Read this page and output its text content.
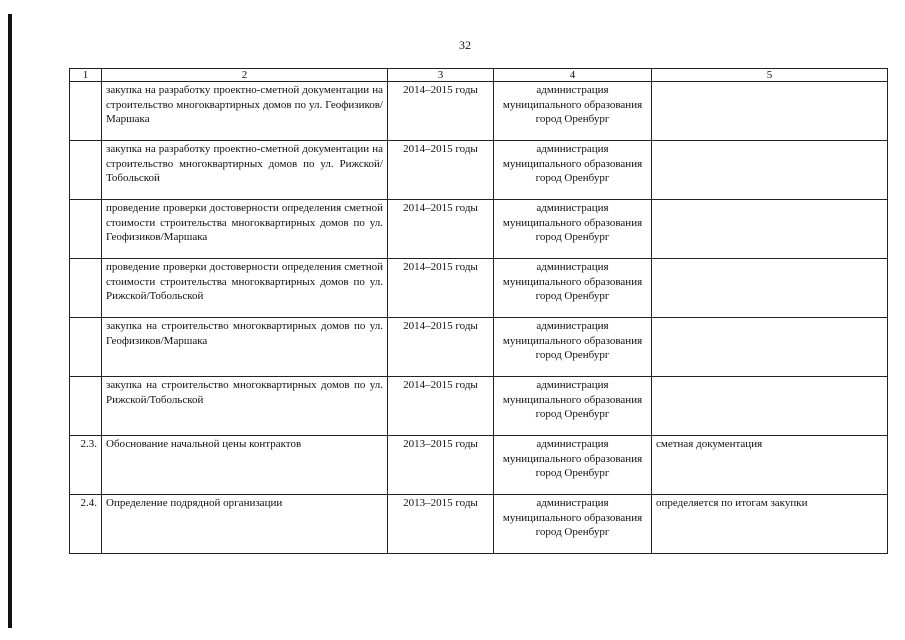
32
1	2	3	4	5
	закупка на разработку проектно-сметной документации на строительство многоквартирных домов по ул. Геофизиков/Маршака	2014–2015 годы	администрация муниципального образования город Оренбург	
	закупка на разработку проектно-сметной документации на строительство многоквартирных домов по ул. Рижской/Тобольской	2014–2015 годы	администрация муниципального образования город Оренбург	
	проведение проверки достоверности определения сметной стоимости строительства многоквартирных домов по ул. Геофизиков/Маршака	2014–2015 годы	администрация муниципального образования город Оренбург	
	проведение проверки достоверности определения сметной стоимости строительства многоквартирных домов по ул. Рижской/Тобольской	2014–2015 годы	администрация муниципального образования город Оренбург	
	закупка на строительство многоквартирных домов по ул. Геофизиков/Маршака	2014–2015 годы	администрация муниципального образования город Оренбург	
	закупка на строительство многоквартирных домов по ул. Рижской/Тобольской	2014–2015 годы	администрация муниципального образования город Оренбург	
2.3.	Обоснование начальной цены контрактов	2013–2015 годы	администрация муниципального образования город Оренбург	сметная документация
2.4.	Определение подрядной организации	2013–2015 годы	администрация муниципального образования город Оренбург	определяется по итогам закупки
